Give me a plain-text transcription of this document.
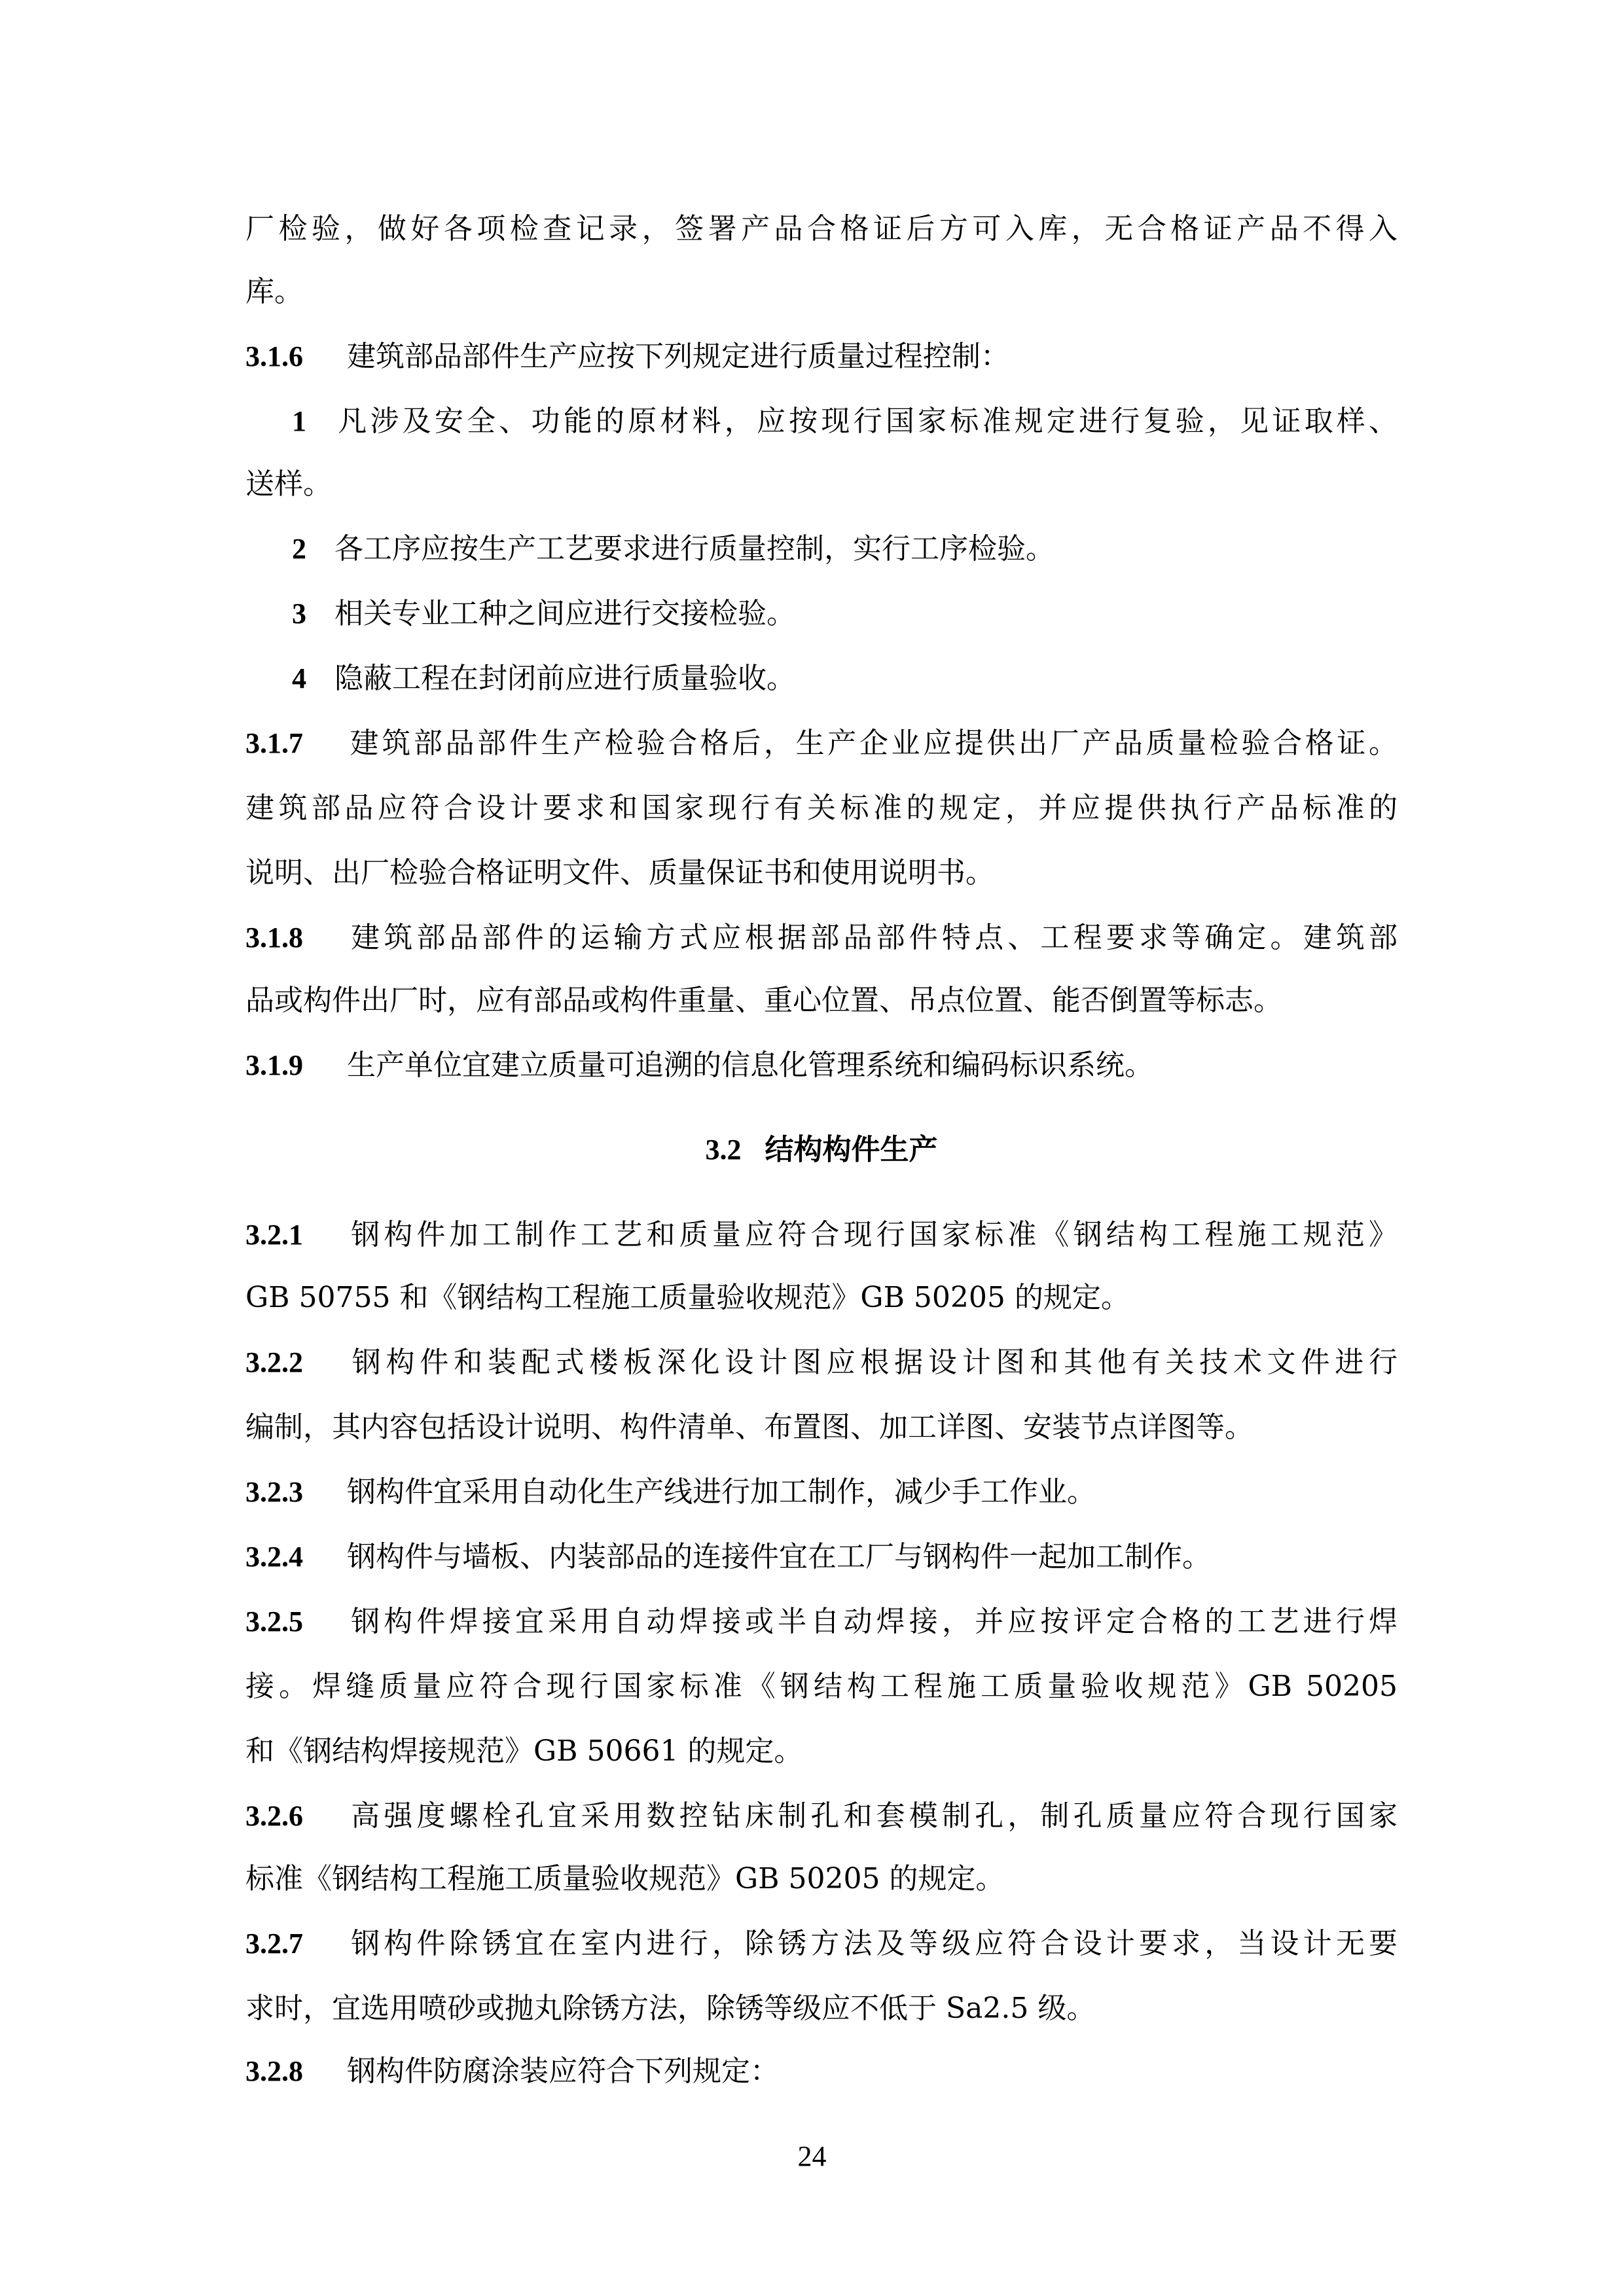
厂检验，做好各项检查记录，签署产品合格证后方可入库，无合格证产品不得入
库。
3.1.6 建筑部品部件生产应按下列规定进行质量过程控制：
1 凡涉及安全、功能的原材料，应按现行国家标准规定进行复验，见证取样、
送样。
2 各工序应按生产工艺要求进行质量控制，实行工序检验。
3 相关专业工种之间应进行交接检验。
4 隐蔽工程在封闭前应进行质量验收。
3.1.7 建筑部品部件生产检验合格后，生产企业应提供出厂产品质量检验合格证。
建筑部品应符合设计要求和国家现行有关标准的规定，并应提供执行产品标准的
说明、出厂检验合格证明文件、质量保证书和使用说明书。
3.1.8 建筑部品部件的运输方式应根据部品部件特点、工程要求等确定。建筑部
品或构件出厂时，应有部品或构件重量、重心位置、吊点位置、能否倒置等标志。
3.1.9 生产单位宜建立质量可追溯的信息化管理系统和编码标识系统。
3.2 结构构件生产
3.2.1 钢构件加工制作工艺和质量应符合现行国家标准《钢结构工程施工规范》
GB 50755 和《钢结构工程施工质量验收规范》GB 50205 的规定。
3.2.2 钢构件和装配式楼板深化设计图应根据设计图和其他有关技术文件进行
编制，其内容包括设计说明、构件清单、布置图、加工详图、安装节点详图等。
3.2.3 钢构件宜采用自动化生产线进行加工制作，减少手工作业。
3.2.4 钢构件与墙板、内装部品的连接件宜在工厂与钢构件一起加工制作。
3.2.5 钢构件焊接宜采用自动焊接或半自动焊接，并应按评定合格的工艺进行焊
接。焊缝质量应符合现行国家标准《钢结构工程施工质量验收规范》GB 50205
和《钢结构焊接规范》GB 50661 的规定。
3.2.6 高强度螺栓孔宜采用数控钻床制孔和套模制孔，制孔质量应符合现行国家
标准《钢结构工程施工质量验收规范》GB 50205 的规定。
3.2.7 钢构件除锈宜在室内进行，除锈方法及等级应符合设计要求，当设计无要
求时，宜选用喷砂或抛丸除锈方法，除锈等级应不低于 Sa2.5 级。
3.2.8 钢构件防腐涂装应符合下列规定：
24
